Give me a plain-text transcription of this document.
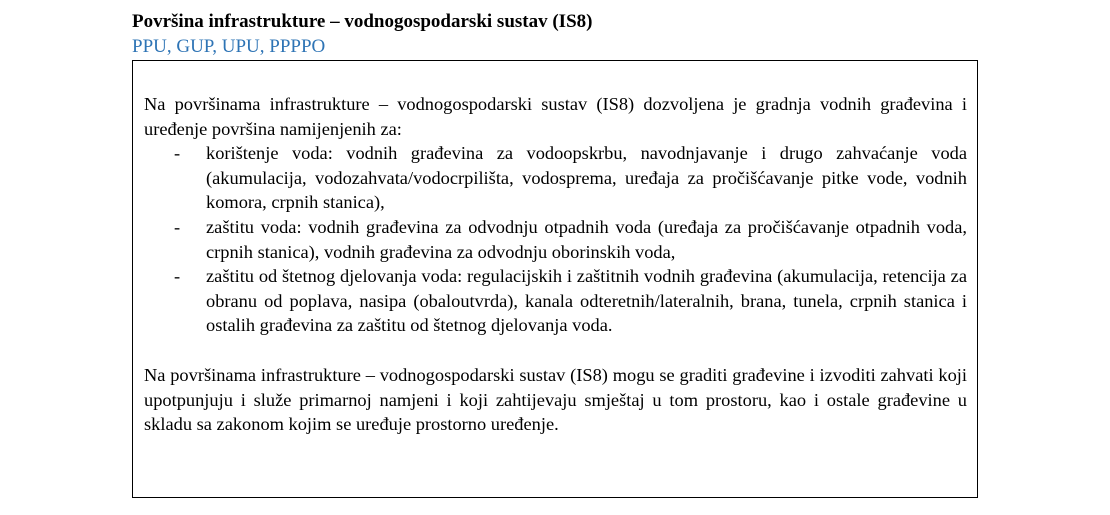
Površina infrastrukture – vodnogospodarski sustav (IS8)
PPU, GUP, UPU, PPPPO

Na površinama infrastrukture – vodnogospodarski sustav (IS8) dozvoljena je gradnja vodnih građevina i uređenje površina namijenjenih za:

- korištenje voda: vodnih građevina za vodoopskrbu, navodnjavanje i drugo zahvaćanje voda (akumulacija, vodozahvata/vodocrpilišta, vodosprema, uređaja za pročišćavanje pitke vode, vodnih komora, crpnih stanica),
- zaštitu voda: vodnih građevina za odvodnju otpadnih voda (uređaja za pročišćavanje otpadnih voda, crpnih stanica), vodnih građevina za odvodnju oborinskih voda,
- zaštitu od štetnog djelovanja voda: regulacijskih i zaštitnih vodnih građevina (akumulacija, retencija za obranu od poplava, nasipa (obaloutvrda), kanala odteretnih/lateralnih, brana, tunela, crpnih stanica i ostalih građevina za zaštitu od štetnog djelovanja voda.

Na površinama infrastrukture – vodnogospodarski sustav (IS8) mogu se graditi građevine i izvoditi zahvati koji upotpunjuju i služe primarnoj namjeni i koji zahtijevaju smještaj u tom prostoru, kao i ostale građevine u skladu sa zakonom kojim se uređuje prostorno uređenje.
